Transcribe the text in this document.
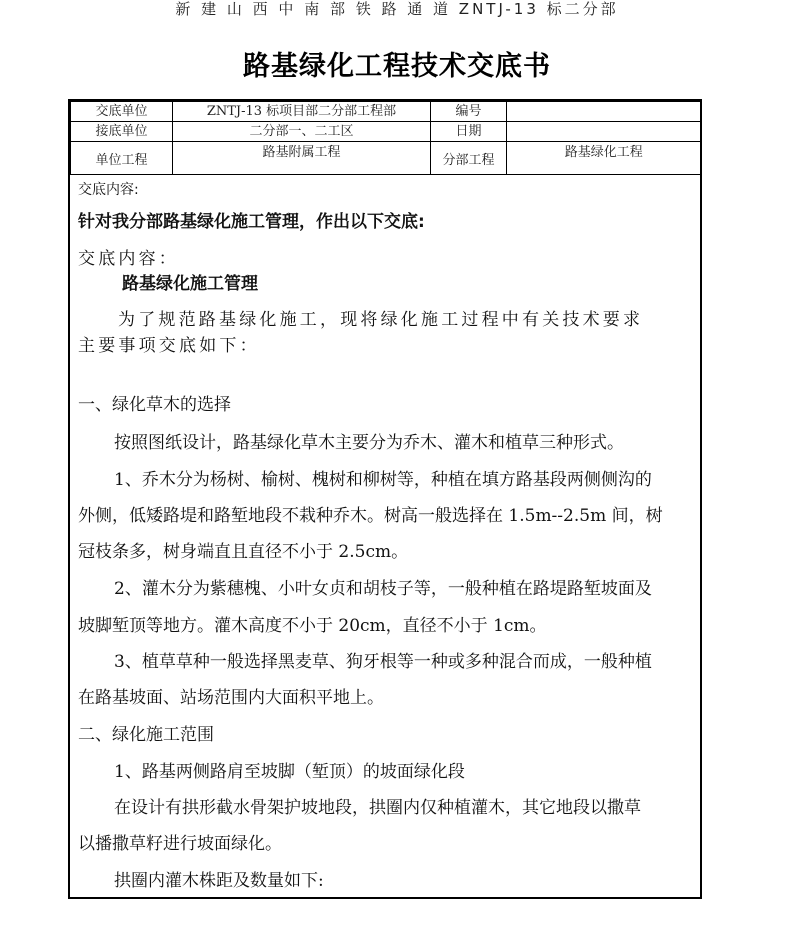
新 建 山 西 中 南 部 铁 路 通 道 ZNTJ-13 标二分部
路基绿化工程技术交底书
交底单位	ZNTJ-13 标项目部二分部工程部	编号	
接底单位	二分部一、二工区	日期	
单位工程	路基附属工程	分部工程	路基绿化工程
交底内容:
针对我分部路基绿化施工管理，作出以下交底:
交底内容：
路基绿化施工管理
为了规范路基绿化施工，现将绿化施工过程中有关技术要求
主要事项交底如下：
一、绿化草木的选择
按照图纸设计，路基绿化草木主要分为乔木、灌木和植草三种形式。
1、乔木分为杨树、榆树、槐树和柳树等，种植在填方路基段两侧侧沟的
外侧，低矮路堤和路堑地段不栽种乔木。树高一般选择在 1.5m--2.5m 间，树
冠枝条多，树身端直且直径不小于 2.5cm。
2、灌木分为紫穗槐、小叶女贞和胡枝子等，一般种植在路堤路堑坡面及
坡脚堑顶等地方。灌木高度不小于 20cm，直径不小于 1cm。
3、植草草种一般选择黑麦草、狗牙根等一种或多种混合而成，一般种植
在路基坡面、站场范围内大面积平地上。
二、绿化施工范围
1、路基两侧路肩至坡脚（堑顶）的坡面绿化段
在设计有拱形截水骨架护坡地段，拱圈内仅种植灌木，其它地段以撒草
以播撒草籽进行坡面绿化。
拱圈内灌木株距及数量如下:
